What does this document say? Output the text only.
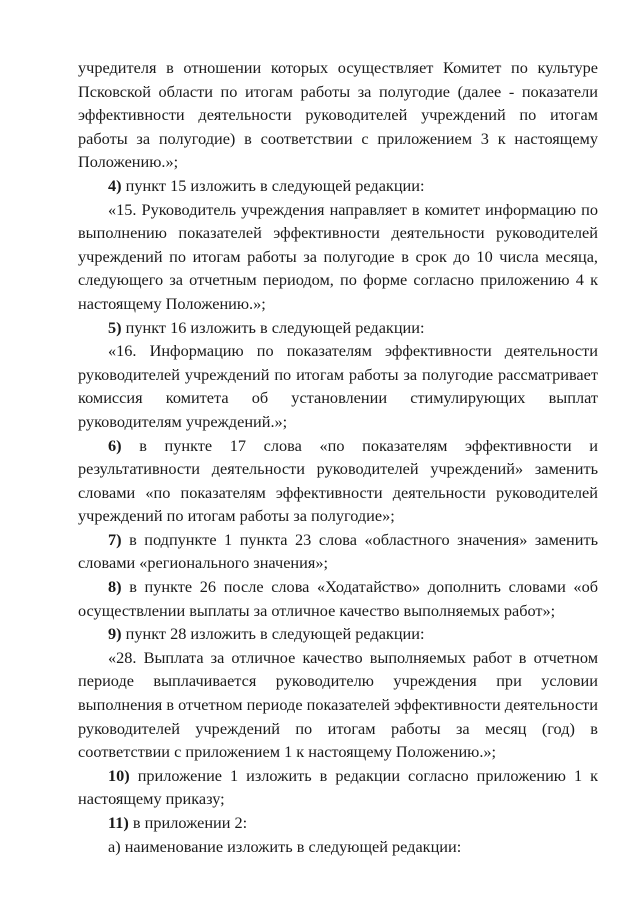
учредителя в отношении которых осуществляет Комитет по культуре Псковской области по итогам работы за полугодие (далее - показатели эффективности деятельности руководителей учреждений по итогам работы за полугодие) в соответствии с приложением 3 к настоящему Положению.»;

4) пункт 15 изложить в следующей редакции:

«15. Руководитель учреждения направляет в комитет информацию по выполнению показателей эффективности деятельности руководителей учреждений по итогам работы за полугодие в срок до 10 числа месяца, следующего за отчетным периодом, по форме согласно приложению 4 к настоящему Положению.»;

5) пункт 16 изложить в следующей редакции:

«16. Информацию по показателям эффективности деятельности руководителей учреждений по итогам работы за полугодие рассматривает комиссия комитета об установлении стимулирующих выплат руководителям учреждений.»;

6) в пункте 17 слова «по показателям эффективности и результативности деятельности руководителей учреждений» заменить словами «по показателям эффективности деятельности руководителей учреждений по итогам работы за полугодие»;

7) в подпункте 1 пункта 23 слова «областного значения» заменить словами «регионального значения»;

8) в пункте 26 после слова «Ходатайство» дополнить словами «об осуществлении выплаты за отличное качество выполняемых работ»;

9) пункт 28 изложить в следующей редакции:

«28. Выплата за отличное качество выполняемых работ в отчетном периоде выплачивается руководителю учреждения при условии выполнения в отчетном периоде показателей эффективности деятельности руководителей учреждений по итогам работы за месяц (год) в соответствии с приложением 1 к настоящему Положению.»;

10) приложение 1 изложить в редакции согласно приложению 1 к настоящему приказу;

11) в приложении 2:

а) наименование изложить в следующей редакции:
